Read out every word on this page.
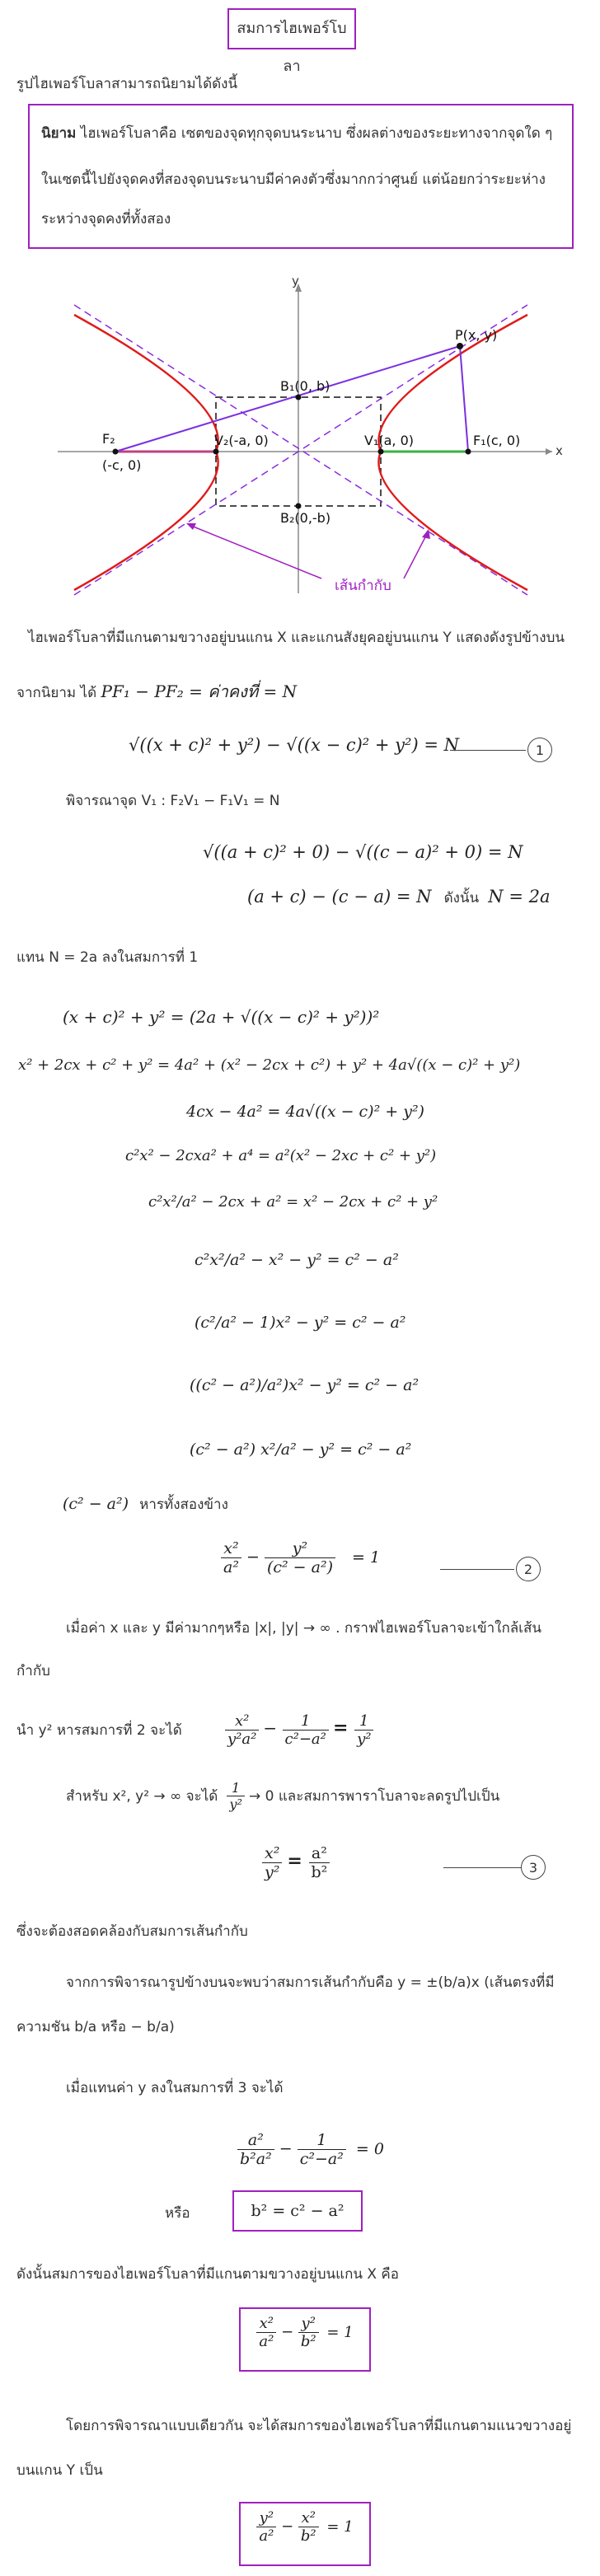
สมการไฮเพอร์โบลา
รูปไฮเพอร์โบลาสามารถนิยามได้ดังนี้
นิยาม ไฮเพอร์โบลาคือ เซตของจุดทุกจุดบนระนาบ ซึ่งผลต่างของระยะทางจากจุดใด ๆ
ในเซตนี้ไปยังจุดคงที่สองจุดบนระนาบมีค่าคงตัวซึ่งมากกว่าศูนย์ แต่น้อยกว่าระยะห่าง
ระหว่างจุดคงที่ทั้งสอง
x
y
P(x, y)
B₁(0, b)
B₂(0,-b)
V₁(a, 0)
V₂(-a, 0)	F₁(c, 0)
F₂
(-c, 0)
เส้นกำกับ
ไฮเพอร์โบลาที่มีแกนตามขวางอยู่บนแกน X และแกนสังยุคอยู่บนแกน Y แสดงดังรูปข้างบน
จากนิยาม ได้ PF₁ − PF₂ = ค่าคงที่ = N
√((x + c)² + y²) − √((x − c)² + y²) = N	1
พิจารณาจุด V₁ : F₂V₁ − F₁V₁ = N
√((a + c)² + 0) − √((c − a)² + 0) = N
(a + c) − (c − a) = N ดังนั้น N = 2a
แทน N = 2a ลงในสมการที่ 1
(x + c)² + y² = (2a + √((x − c)² + y²))²
x² + 2cx + c² + y² = 4a² + (x² − 2cx + c²) + y² + 4a√((x − c)² + y²)
4cx − 4a² = 4a√((x − c)² + y²)
c²x² − 2cxa² + a⁴ = a²(x² − 2xc + c² + y²)
c²x²/a² − 2cx + a² = x² − 2cx + c² + y²
c²x²/a² − x² − y² = c² − a²
(c²/a² − 1)x² − y² = c² − a²
((c² − a²)/a²)x² − y² = c² − a²
(c² − a²) x²/a² − y² = c² − a²
(c² − a²) หารทั้งสองข้าง
$\frac{\text{x²}}{\text{a²}} - \frac{\text{y²}}{\text{(c² − a²)}} = 1$
2
เมื่อค่า x และ y มีค่ามากๆหรือ |x|, |y| → ∞ . กราฟไฮเพอร์โบลาจะเข้าใกล้เส้น
กำกับ
นำ y² หารสมการที่ 2 จะได้	$\frac{\text{x²}}{\text{y²a²}} - \frac{1}{\text{c²−a²}} = \frac{1}{\text{y²}}$
สำหรับ x², y² → ∞ จะได้ $\frac{1}{\text{y²}} \to 0$ และสมการพาราโบลาจะลดรูปไปเป็น
$\frac{\text{x²}}{\text{y²}} = \frac{\text{a²}}{\text{b²}}$	3
ซึ่งจะต้องสอดคล้องกับสมการเส้นกำกับ
จากการพิจารณารูปข้างบนจะพบว่าสมการเส้นกำกับคือ y = ±(b/a)x (เส้นตรงที่มี
ความชัน b/a หรือ − b/a)
เมื่อแทนค่า y ลงในสมการที่ 3 จะได้
$\frac{\text{a²}}{\text{b²a²}} - \frac{1}{\text{c²−a²}} = 0$
หรือ	b² = c² − a²
ดังนั้นสมการของไฮเพอร์โบลาที่มีแกนตามขวางอยู่บนแกน X คือ
$\frac{\text{x²}}{\text{a²}} - \frac{\text{y²}}{\text{b²}} = 1$
โดยการพิจารณาแบบเดียวกัน จะได้สมการของไฮเพอร์โบลาที่มีแกนตามแนวขวางอยู่
บนแกน Y เป็น
$\frac{\text{y²}}{\text{a²}} - \frac{\text{x²}}{\text{b²}} = 1$
